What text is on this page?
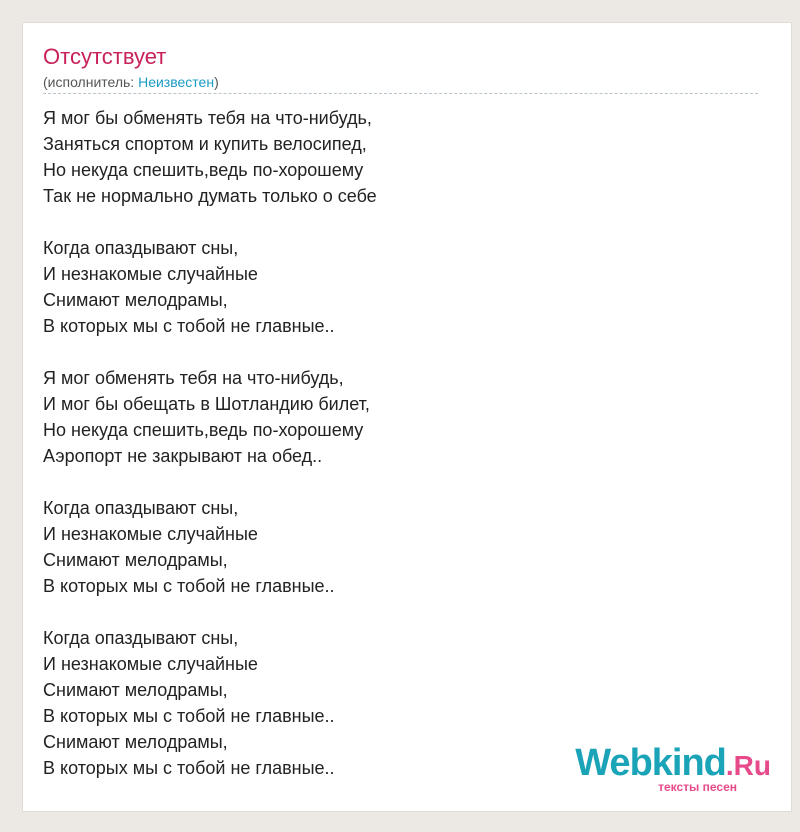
Отсутствует
(исполнитель: Неизвестен)
Я мог бы обменять тебя на что-нибудь,
Заняться спортом и купить велосипед,
Но некуда спешить,ведь по-хорошему
Так не нормально думать только о себе
Когда опаздывают сны,
И незнакомые случайные
Снимают мелодрамы,
В которых мы с тобой не главные..
Я мог обменять тебя на что-нибудь,
И мог бы обещать в Шотландию билет,
Но некуда спешить,ведь по-хорошему
Аэропорт не закрывают на обед..
Когда опаздывают сны,
И незнакомые случайные
Снимают мелодрамы,
В которых мы с тобой не главные..
Когда опаздывают сны,
И незнакомые случайные
Снимают мелодрамы,
В которых мы с тобой не главные..
Снимают мелодрамы,
В которых мы с тобой не главные..	Webkind.Ru
тексты песен
